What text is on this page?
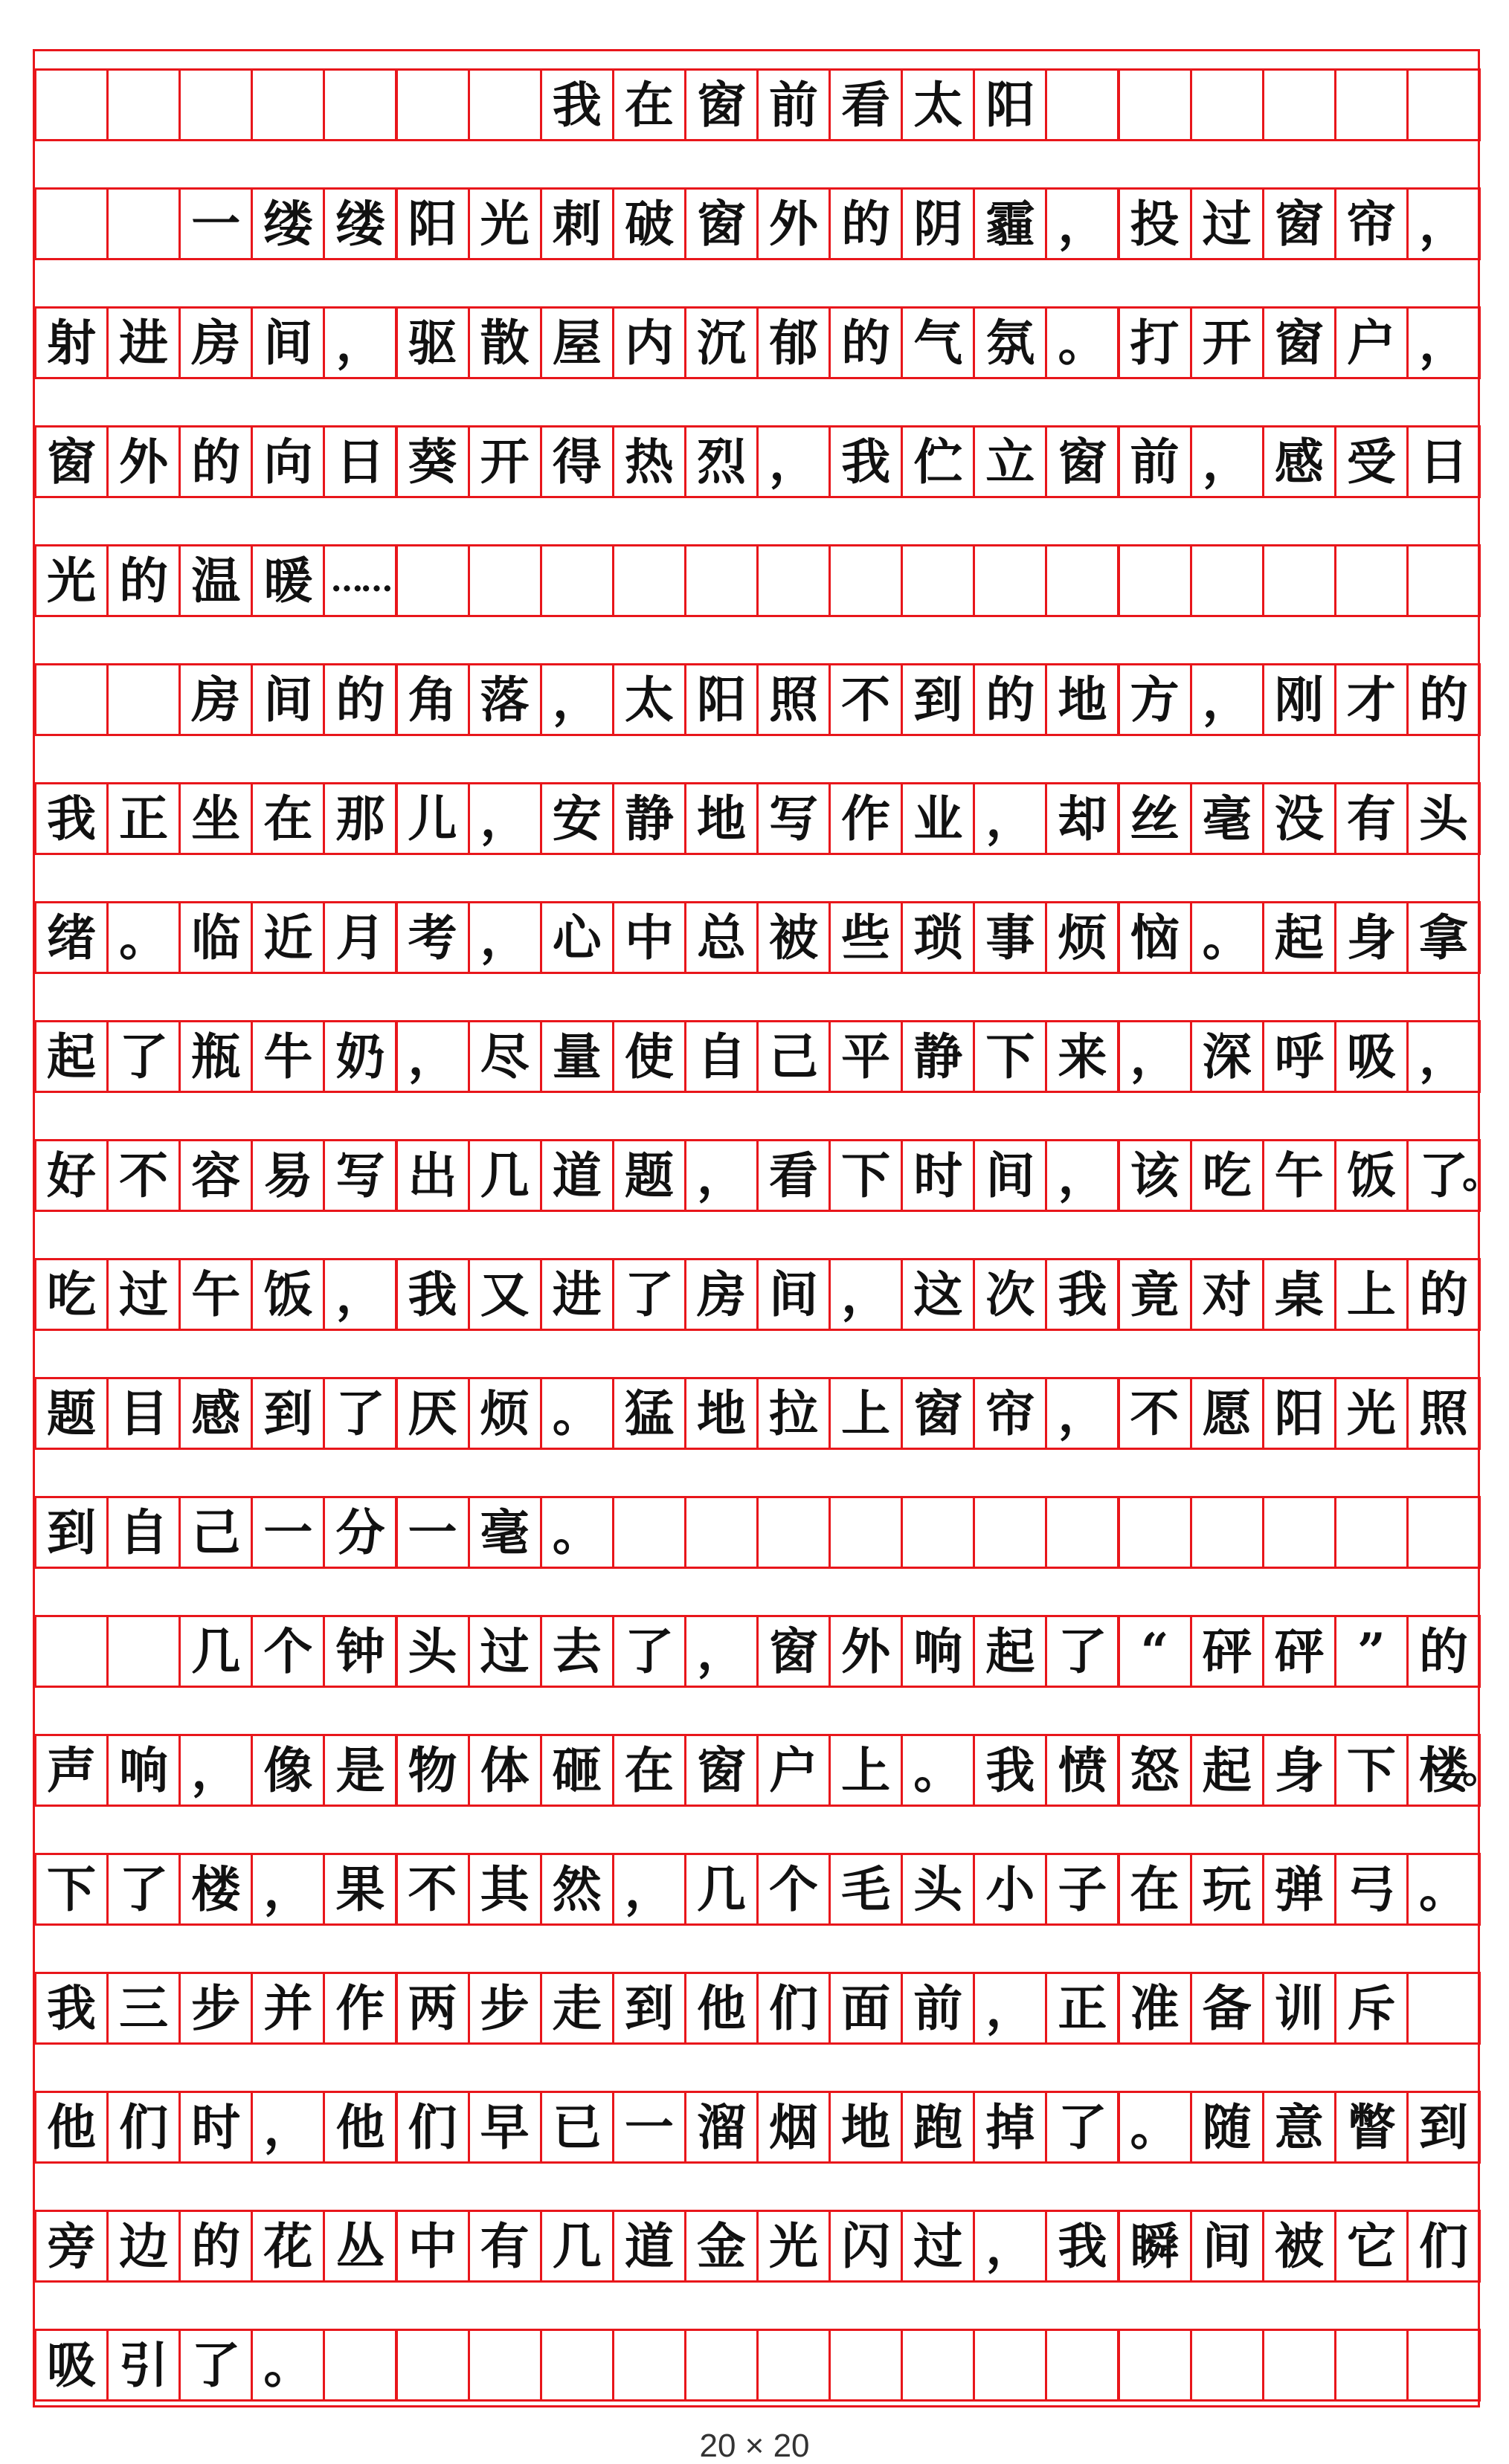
我 在 窗 前 看 太 阳
一 缕 缕 阳 光 刺 破 窗 外 的 阴 霾 ， 投 过 窗 帘 ，
射 进 房 间 ， 驱 散 屋 内 沉 郁 的 气 氛 。 打 开 窗 户 ，
窗 外 的 向 日 葵 开 得 热 烈 ， 我 伫 立 窗 前 ， 感 受 日
光 的 温 暖 ……
房 间 的 角 落 ， 太 阳 照 不 到 的 地 方 ， 刚 才 的
我 正 坐 在 那 儿 ， 安 静 地 写 作 业 ， 却 丝 毫 没 有 头
绪 。 临 近 月 考 ， 心 中 总 被 些 琐 事 烦 恼 。 起 身 拿
起 了 瓶 牛 奶 ， 尽 量 使 自 己 平 静 下 来 ， 深 呼 吸 ，
好 不 容 易 写 出 几 道 题 ， 看 下 时 间 ， 该 吃 午 饭 了
吃 过 午 饭 ， 我 又 进 了 房 间 ， 这 次 我 竟 对 桌 上 的
题 目 感 到 了 厌 烦 。 猛 地 拉 上 窗 帘 ， 不 愿 阳 光 照
到 自 己 一 分 一 毫 。
几 个 钟 头 过 去 了 ， 窗 外 响 起 了 “ 砰 砰 ” 的
声 响 ， 像 是 物 体 砸 在 窗 户 上 。 我 愤 怒 起 身 下 楼
下 了 楼 ， 果 不 其 然 ， 几 个 毛 头 小 子 在 玩 弹 弓 。
我 三 步 并 作 两 步 走 到 他 们 面 前 ， 正 准 备 训 斥
他 们 时 ， 他 们 早 已 一 溜 烟 地 跑 掉 了 。 随 意 瞥 到
旁 边 的 花 丛 中 有 几 道 金 光 闪 过 ， 我 瞬 间 被 它 们
吸 引 了 。
。
。
20 × 20
